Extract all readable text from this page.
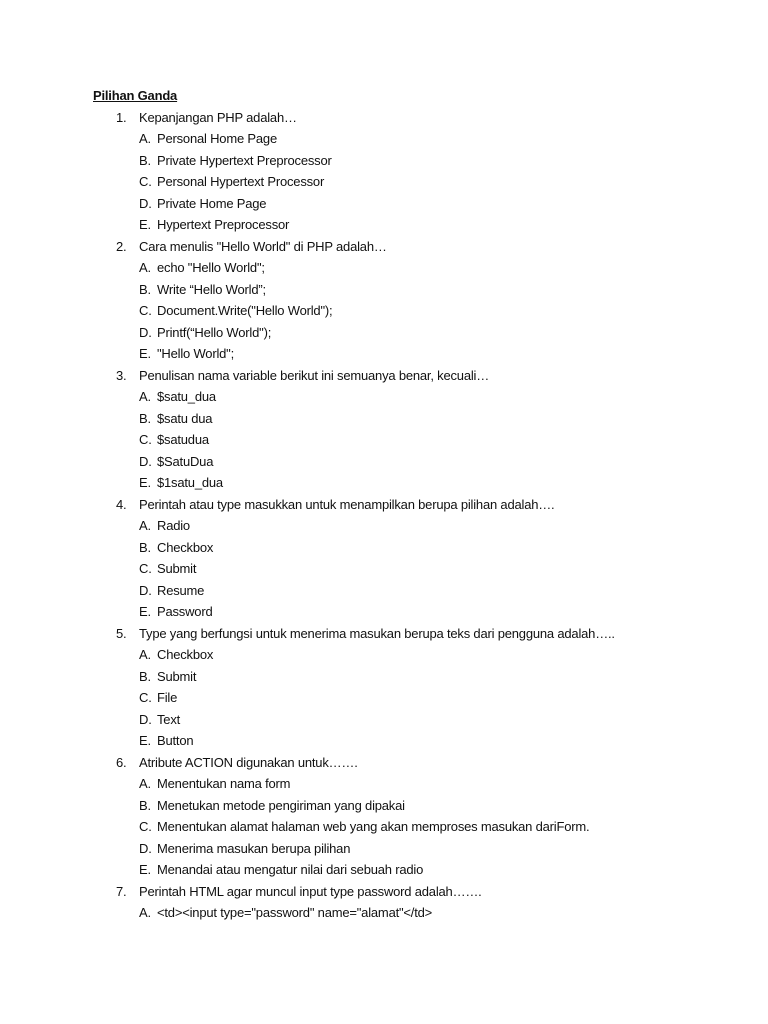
Pilihan Ganda
1. Kepanjangan PHP adalah…
A. Personal Home Page
B. Private Hypertext Preprocessor
C. Personal Hypertext Processor
D. Private Home Page
E. Hypertext Preprocessor
2. Cara menulis "Hello World" di PHP adalah…
A. echo "Hello World";
B. Write “Hello World”;
C. Document.Write("Hello World");
D. Printf(“Hello World");
E. "Hello World";
3. Penulisan nama variable berikut ini semuanya benar, kecuali…
A. $satu_dua
B. $satu dua
C. $satudua
D. $SatuDua
E. $1satu_dua
4. Perintah atau type masukkan untuk menampilkan berupa pilihan adalah….
A. Radio
B. Checkbox
C. Submit
D. Resume
E. Password
5. Type yang berfungsi untuk menerima masukan berupa teks dari pengguna adalah…..
A. Checkbox
B. Submit
C. File
D. Text
E. Button
6. Atribute ACTION digunakan untuk…….
A. Menentukan nama form
B. Menetukan metode pengiriman yang dipakai
C. Menentukan alamat halaman web yang akan memproses masukan dariForm.
D. Menerima masukan berupa pilihan
E. Menandai atau mengatur nilai dari sebuah radio
7. Perintah HTML agar muncul input type password adalah…….
A. <td><input type="password" name="alamat"</td>
